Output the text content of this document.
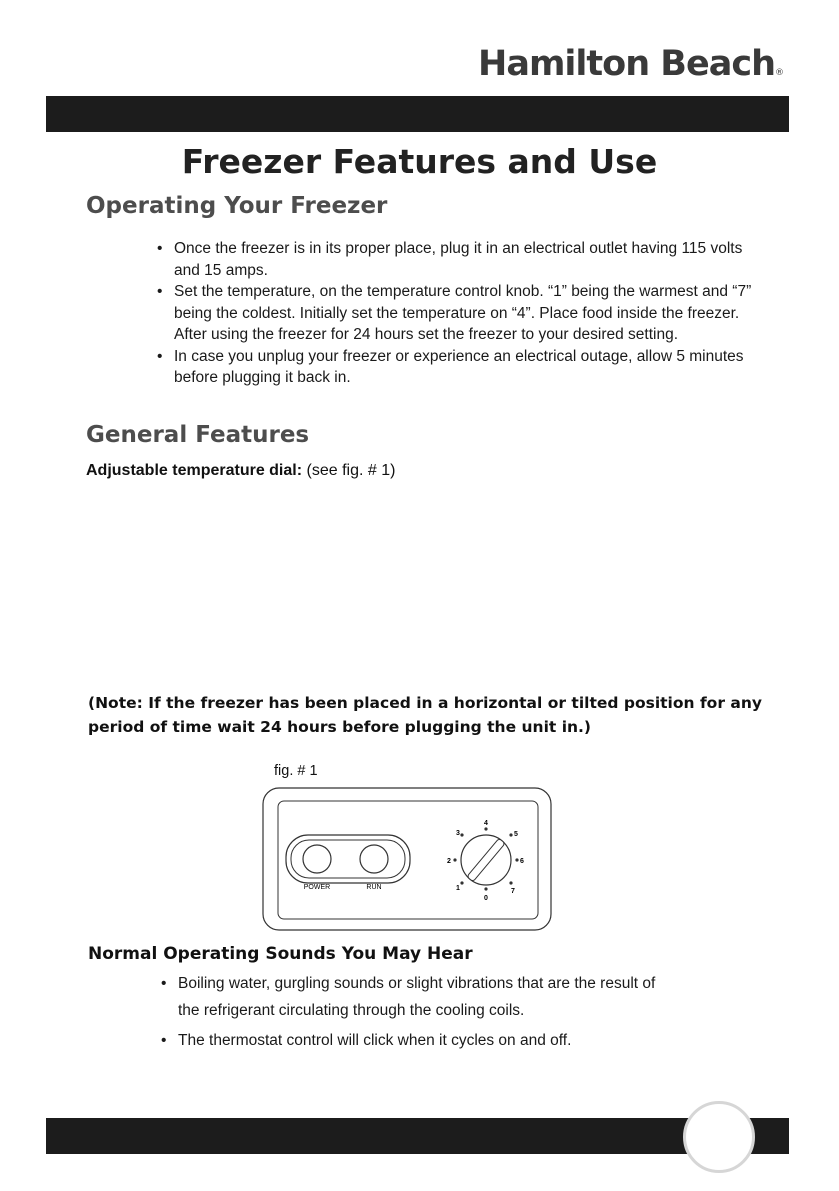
Hamilton Beach®
Freezer Features and Use
Operating Your Freezer
• Once the freezer is in its proper place, plug it in an electrical outlet having 115 volts and 15 amps.
• Set the temperature, on the temperature control knob. “1” being the warmest and “7” being the coldest. Initially set the temperature on “4”. Place food inside the freezer. After using the freezer for 24 hours set the freezer to your desired setting.
• In case you unplug your freezer or experience an electrical outage, allow 5 minutes before plugging it back in.
General Features
Adjustable temperature dial: (see fig. # 1)
(Note: If the freezer has been placed in a horizontal or tilted position for any period of time wait 24 hours before plugging the unit in.)
fig. # 1
POWER	RUN
4
5
6
7
0
1
2
3
Normal Operating Sounds You May Hear
• Boiling water, gurgling sounds or slight vibrations that are the result of the refrigerant circulating through the cooling coils.
• The thermostat control will click when it cycles on and off.
